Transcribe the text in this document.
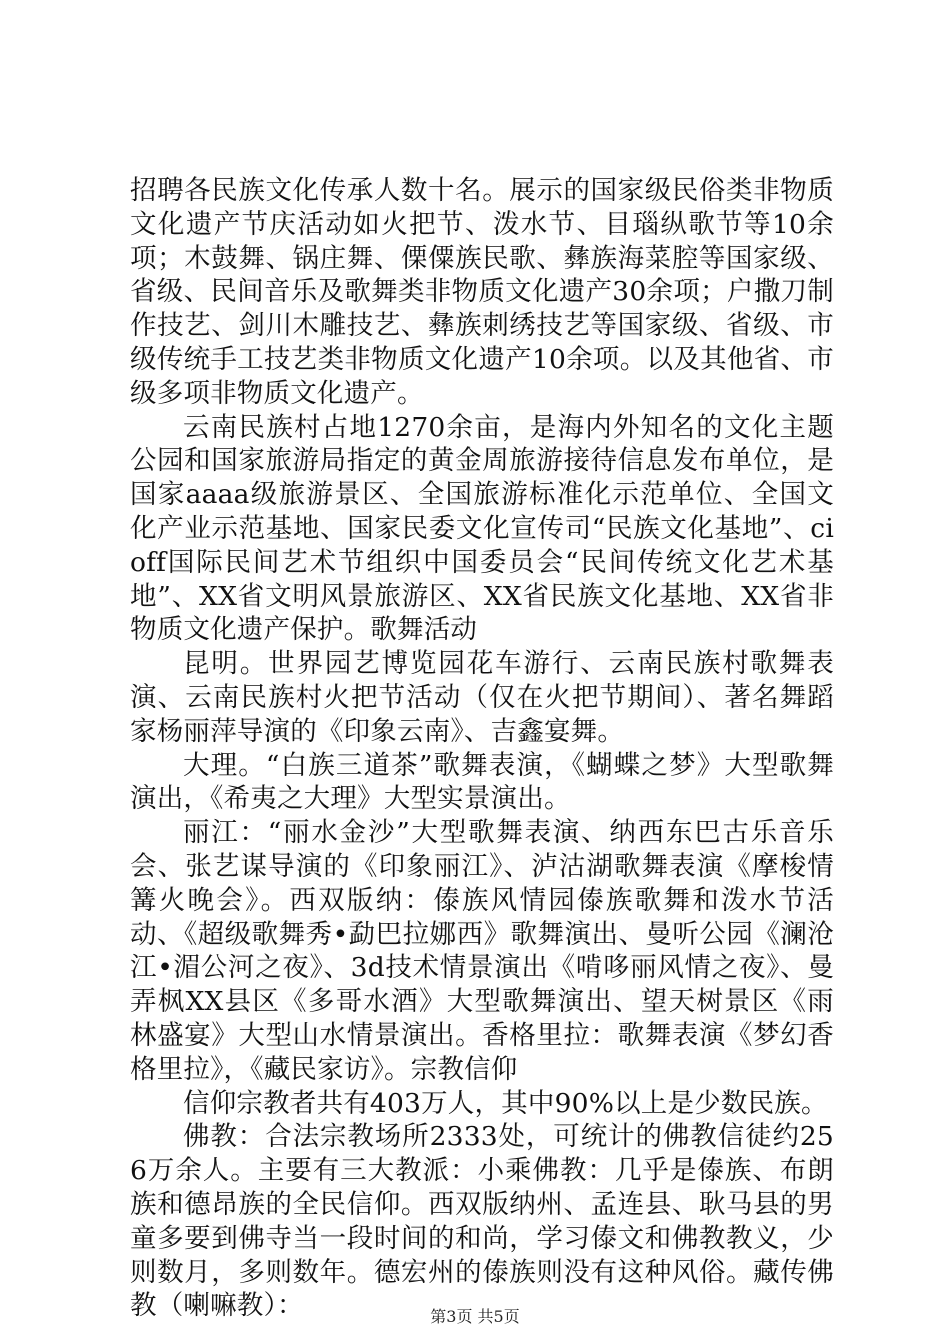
招聘各民族文化传承人数十名。展示的国家级民俗类非物质文化遗产节庆活动如火把节、泼水节、目瑙纵歌节等10余项；木鼓舞、锅庄舞、傈僳族民歌、彝族海菜腔等国家级、省级、民间音乐及歌舞类非物质文化遗产30余项；户撒刀制作技艺、剑川木雕技艺、彝族刺绣技艺等国家级、省级、市级传统手工技艺类非物质文化遗产10余项。以及其他省、市级多项非物质文化遗产。

云南民族村占地1270余亩，是海内外知名的文化主题公园和国家旅游局指定的黄金周旅游接待信息发布单位，是国家aaaa级旅游景区、全国旅游标准化示范单位、全国文化产业示范基地、国家民委文化宣传司“民族文化基地”、cioff国际民间艺术节组织中国委员会“民间传统文化艺术基地”、XX省文明风景旅游区、XX省民族文化基地、XX省非物质文化遗产保护。歌舞活动

昆明。世界园艺博览园花车游行、云南民族村歌舞表演、云南民族村火把节活动（仅在火把节期间）、著名舞蹈家杨丽萍导演的《印象云南》、吉鑫宴舞。

大理。“白族三道茶”歌舞表演，《蝴蝶之梦》大型歌舞演出，《希夷之大理》大型实景演出。

丽江：“丽水金沙”大型歌舞表演、纳西东巴古乐音乐会、张艺谋导演的《印象丽江》、泸沽湖歌舞表演《摩梭情篝火晚会》。西双版纳：傣族风情园傣族歌舞和泼水节活动、《超级歌舞秀•勐巴拉娜西》歌舞演出、曼听公园《澜沧江•湄公河之夜》、3d技术情景演出《啃哆丽风情之夜》、曼弄枫XX县区《多哥水酒》大型歌舞演出、望天树景区《雨林盛宴》大型山水情景演出。香格里拉：歌舞表演《梦幻香格里拉》，《藏民家访》。宗教信仰

信仰宗教者共有403万人，其中90%以上是少数民族。

佛教：合法宗教场所2333处，可统计的佛教信徒约256万余人。主要有三大教派：小乘佛教：几乎是傣族、布朗族和德昂族的全民信仰。西双版纳州、孟连县、耿马县的男童多要到佛寺当一段时间的和尚，学习傣文和佛教教义，少则数月，多则数年。德宏州的傣族则没有这种风俗。藏传佛教（喇嘛教）：	第3页 共5页
